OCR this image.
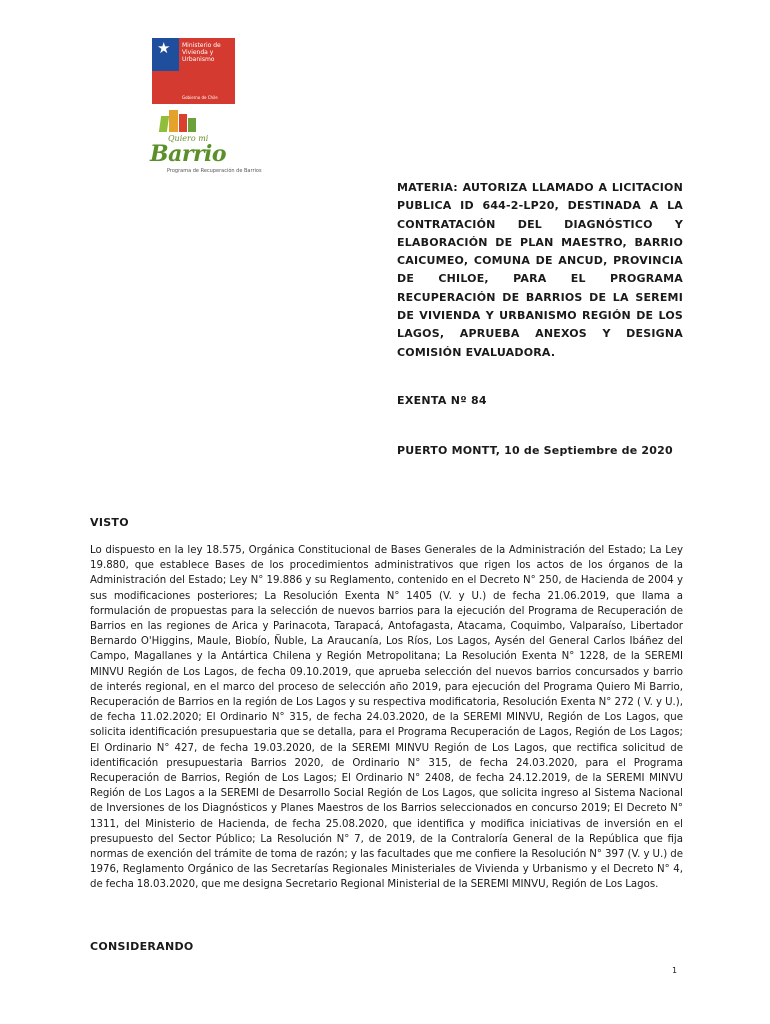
★ Ministerio de Vivienda y Urbanismo
Gobierno de Chile
Quiero mi
Barrio
Programa de Recuperación de Barrios
MATERIA: AUTORIZA LLAMADO A LICITACION PUBLICA ID 644-2-LP20, DESTINADA A LA CONTRATACIÓN DEL DIAGNÓSTICO Y ELABORACIÓN DE PLAN MAESTRO, BARRIO CAICUMEO, COMUNA DE ANCUD, PROVINCIA DE CHILOE, PARA EL PROGRAMA RECUPERACIÓN DE BARRIOS DE LA SEREMI DE VIVIENDA Y URBANISMO REGIÓN DE LOS LAGOS, APRUEBA ANEXOS Y DESIGNA COMISIÓN EVALUADORA.
EXENTA Nº 84
PUERTO MONTT, 10 de Septiembre de 2020
VISTO
Lo dispuesto en la ley 18.575, Orgánica Constitucional de Bases Generales de la Administración del Estado; La Ley 19.880, que establece Bases de los procedimientos administrativos que rigen los actos de los órganos de la Administración del Estado; Ley N° 19.886 y su Reglamento, contenido en el Decreto N° 250, de Hacienda de 2004 y sus modificaciones posteriores; La Resolución Exenta N° 1405 (V. y U.) de fecha 21.06.2019, que llama a formulación de propuestas para la selección de nuevos barrios para la ejecución del Programa de Recuperación de Barrios en las regiones de Arica y Parinacota, Tarapacá, Antofagasta, Atacama, Coquimbo, Valparaíso, Libertador Bernardo O'Higgins, Maule, Biobío, Ñuble, La Araucanía, Los Ríos, Los Lagos, Aysén del General Carlos Ibáñez del Campo, Magallanes y la Antártica Chilena y Región Metropolitana; La Resolución Exenta N° 1228, de la SEREMI MINVU Región de Los Lagos, de fecha 09.10.2019, que aprueba selección del nuevos barrios concursados y barrio de interés regional, en el marco del proceso de selección año 2019, para ejecución del Programa Quiero Mi Barrio, Recuperación de Barrios en la región de Los Lagos y su respectiva modificatoria, Resolución Exenta N° 272 ( V. y U.), de fecha 11.02.2020; El Ordinario N° 315, de fecha 24.03.2020, de la SEREMI MINVU, Región de Los Lagos, que solicita identificación presupuestaria que se detalla, para el Programa Recuperación de Lagos, Región de Los Lagos; El Ordinario N° 427, de fecha 19.03.2020, de la SEREMI MINVU Región de Los Lagos, que rectifica solicitud de identificación presupuestaria Barrios 2020, de Ordinario N° 315, de fecha 24.03.2020, para el Programa Recuperación de Barrios, Región de Los Lagos; El Ordinario N° 2408, de fecha 24.12.2019, de la SEREMI MINVU Región de Los Lagos a la SEREMI de Desarrollo Social Región de Los Lagos, que solicita ingreso al Sistema Nacional de Inversiones de los Diagnósticos y Planes Maestros de los Barrios seleccionados en concurso 2019; El Decreto N° 1311, del Ministerio de Hacienda, de fecha 25.08.2020, que identifica y modifica iniciativas de inversión en el presupuesto del Sector Público; La Resolución N° 7, de 2019, de la Contraloría General de la República que fija normas de exención del trámite de toma de razón; y las facultades que me confiere la Resolución N° 397 (V. y U.) de 1976, Reglamento Orgánico de las Secretarías Regionales Ministeriales de Vivienda y Urbanismo y el Decreto N° 4, de fecha 18.03.2020, que me designa Secretario Regional Ministerial de la SEREMI MINVU, Región de Los Lagos.
CONSIDERANDO
1
